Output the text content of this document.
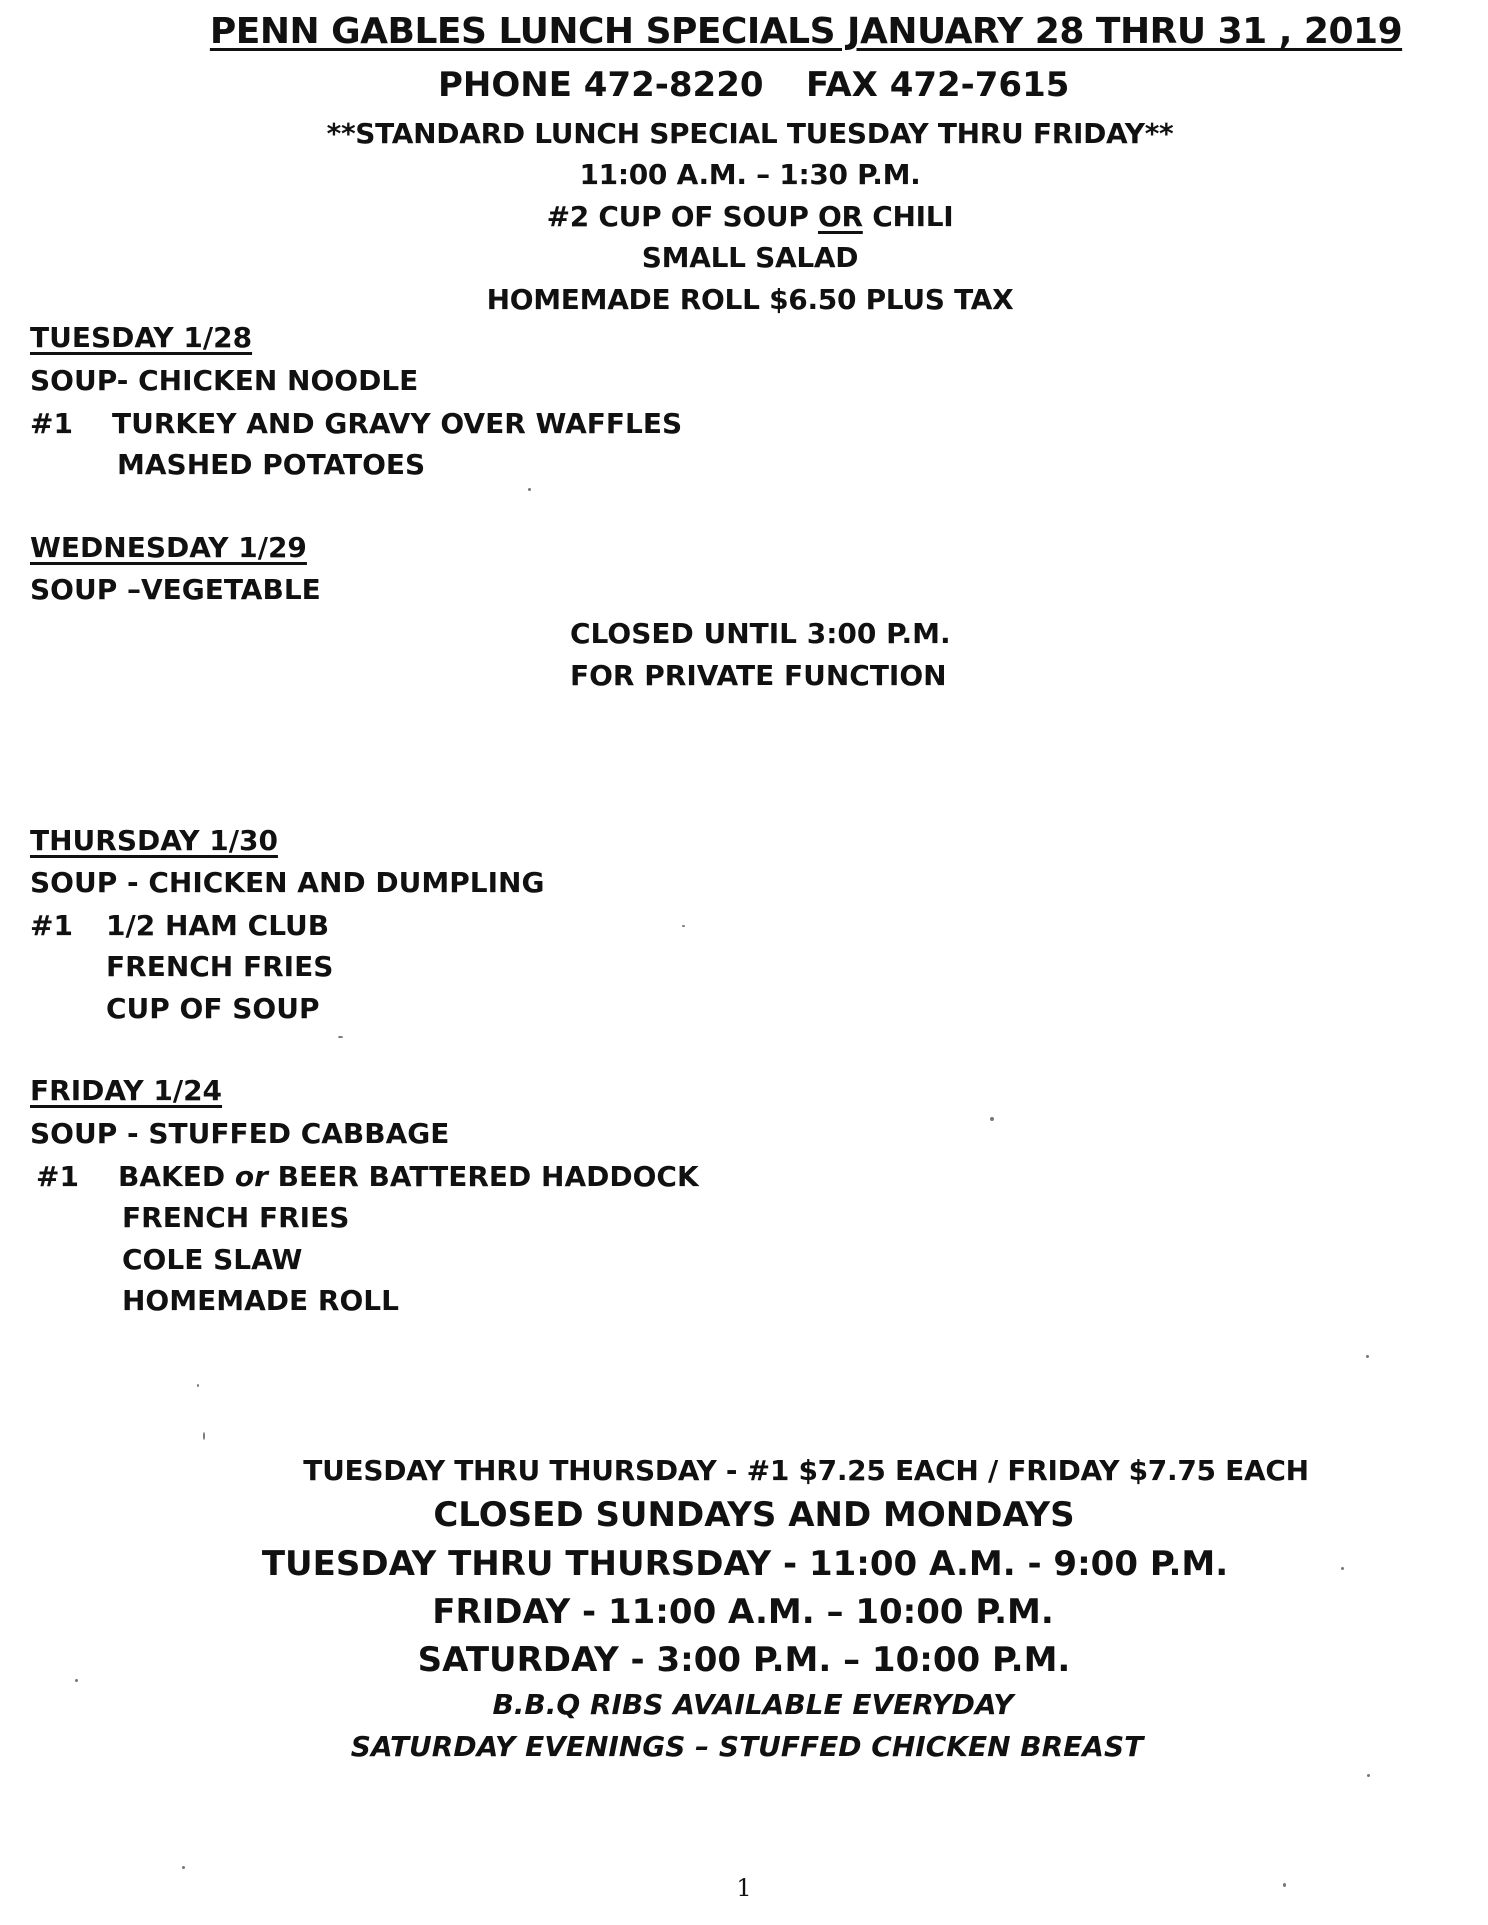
PENN GABLES LUNCH SPECIALS JANUARY 28 THRU 31 , 2019
PHONE 472-8220 FAX 472-7615
**STANDARD LUNCH SPECIAL TUESDAY THRU FRIDAY**
11:00 A.M. – 1:30 P.M.
#2 CUP OF SOUP OR CHILI
SMALL SALAD
HOMEMADE ROLL $6.50 PLUS TAX
TUESDAY 1/28
SOUP- CHICKEN NOODLE
#1 TURKEY AND GRAVY OVER WAFFLES
MASHED POTATOES
WEDNESDAY 1/29
SOUP –VEGETABLE
CLOSED UNTIL 3:00 P.M.
FOR PRIVATE FUNCTION
THURSDAY 1/30
SOUP - CHICKEN AND DUMPLING
#1 1/2 HAM CLUB
FRENCH FRIES
CUP OF SOUP
FRIDAY 1/24
SOUP - STUFFED CABBAGE
#1 BAKED or BEER BATTERED HADDOCK
FRENCH FRIES
COLE SLAW
HOMEMADE ROLL
TUESDAY THRU THURSDAY - #1 $7.25 EACH / FRIDAY $7.75 EACH
CLOSED SUNDAYS AND MONDAYS
TUESDAY THRU THURSDAY - 11:00 A.M. - 9:00 P.M.
FRIDAY - 11:00 A.M. – 10:00 P.M.
SATURDAY - 3:00 P.M. – 10:00 P.M.
B.B.Q RIBS AVAILABLE EVERYDAY
SATURDAY EVENINGS – STUFFED CHICKEN BREAST
1
